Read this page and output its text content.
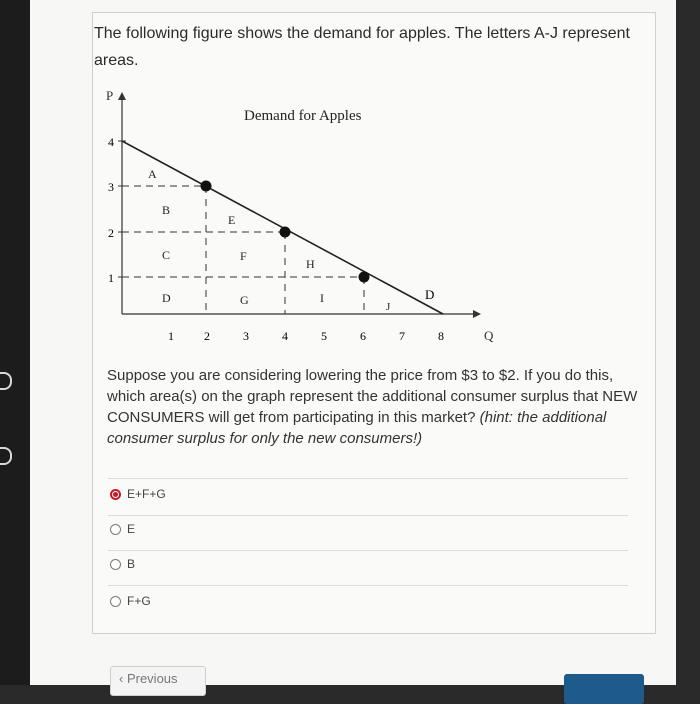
The following figure shows the demand for apples. The letters A-J represent areas.
P
Q
Demand for Apples
4
3
2
1
1	2	3	4	5	6	7	8
D
A
B
C
D
E
F
G
H
I
J
Suppose you are considering lowering the price from $3 to $2. If you do this, which area(s) on the graph represent the additional consumer surplus that NEW CONSUMERS will get from participating in this market? (hint: the additional consumer surplus for only the new consumers!)
E+F+G
E
B
F+G
‹ Previous
